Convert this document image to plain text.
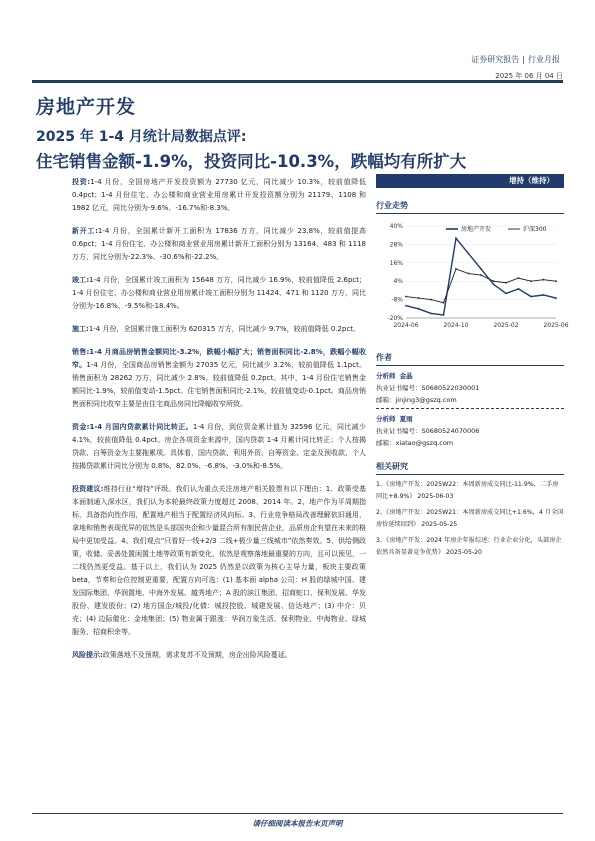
证券研究报告 | 行业月报
2025 年 06 月 04 日
房地产开发
2025 年 1-4 月统计局数据点评:
住宅销售金额-1.9%，投资同比-10.3%，跌幅均有所扩大

投资:1-4 月份，全国房地产开发投资额为 27730 亿元，同比减少 10.3%，较前值降低 0.4pct；1-4 月份住宅、办公楼和商业营业用房累计开发投资额分别为 21179、1108 和 1982 亿元，同比分别为-9.6%、-16.7%和-8.3%。

新开工:1-4 月份，全国累计新开工面积为 17836 万方，同比减少 23.8%，较前值提高 0.6pct；1-4 月份住宅、办公楼和商业营业用房累计新开工面积分别为 13164、483 和 1118 万方，同比分别为-22.3%、-30.6%和-22.2%。

竣工:1-4 月份，全国累计竣工面积为 15648 万方，同比减少 16.9%，较前值降低 2.6pct；1-4 月份住宅、办公楼和商业营业用房累计竣工面积分别为 11424、471 和 1120 万方，同比分别为-16.8%、-9.5%和-18.4%。

施工:1-4 月份，全国累计施工面积为 620315 万方，同比减少 9.7%，较前值降低 0.2pct。

销售:1-4 月商品房销售金额同比-3.2%，跌幅小幅扩大；销售面积同比-2.8%，跌幅小幅收窄。1-4 月份，全国商品房销售金额为 27035 亿元，同比减少 3.2%，较前值降低 1.1pct。销售面积为 28262 万方，同比减少 2.8%，较前值降低 0.2pct。其中，1-4 月份住宅销售金额同比-1.9%，较前值变动-1.5pct。住宅销售面积同比-2.1%，较前值变动-0.1pct。商品房销售面积同比收窄主要是由住宅商品房同比降幅收窄所致。

资金:1-4 月国内贷款累计同比转正。1-4 月份，到位资金累计值为 32596 亿元，同比减少 4.1%，较前值降低 0.4pct。房企各项资金来源中，国内贷款 1-4 月累计同比转正；个人按揭贷款、自筹资金为主要拖累项。具体看，国内贷款、利用外资、自筹资金、定金及预收款、个人按揭贷款累计同比分别为 0.8%、82.0%、-6.8%、-3.0%和-8.5%。

投资建议:维持行业“增持”评级。我们认为重点关注房地产相关股票有以下理由：1、政策受基本面制通入深水区，我们认为本轮最终政策力度超过 2008、2014 年。2、地产作为平周期指标，具备指向性作用，配置地产相当于配置经济风向标。3、行业竞争格局改善理解依旧通用，拿地和销售表现优异的依然是头部国央企和少量混合所有制民营企业，品质房企有望在未来的格局中更加受益。4、我们观点“只看好一线+2/3 二线+极少量三线城市”依然奏效。5、供给侧政策，收储、妥善处置闲置土地等政策有新变化，依然是观察落地最重要的方向，且可以预见，一二线仍然更受益。基于以上，我们认为 2025 仍然是以政策为核心主导力量，板块主要政策 beta，节奏和仓位控制更重要，配置方向可选：(1) 基本面 alpha 公司：H 股的绿城中国、建发国际集团、华润置地、中海外发展、越秀地产；A 股的滨江集团、招商蛇口、保利发展、华发股份、建发股份；(2) 地方国企/城投/化债：城投控股、城建发展、信达地产；(3) 中介：贝壳；(4) 边际催化：金地集团；(5) 物业属于跟涨：华润万象生活、保利物业、中海物业、绿城服务、招商积余等。

风险提示:政策落地不及预期，需求复苏不及预期，房企出险风险蔓延。

增持（维持）
行业走势
40%
28%
16%
4%
-8%
-20%
2024-06	2024-10	2025-02	2025-06
房地产开发	沪深300
作者
分析师 金晶
执业证书编号：S0680522030001
邮箱：jinjing3@gszq.com
分析师 夏雨
执业证书编号：S0680524070006
邮箱：xiatao@gszq.com
相关研究
1、《房地产开发：2025W22：本周新房成交同比-11.9%，二手房同比+8.9%》 2025-06-03
2、《房地产开发：2025W21：本周新房成交同比+1.6%，4 月全国房价延续回到》 2025-05-25
3、《房地产开发：2024 年房企年报综述：行业企业分化，头部房企依然具备显著竞争优势》 2025-05-20
请仔细阅读本报告末页声明
